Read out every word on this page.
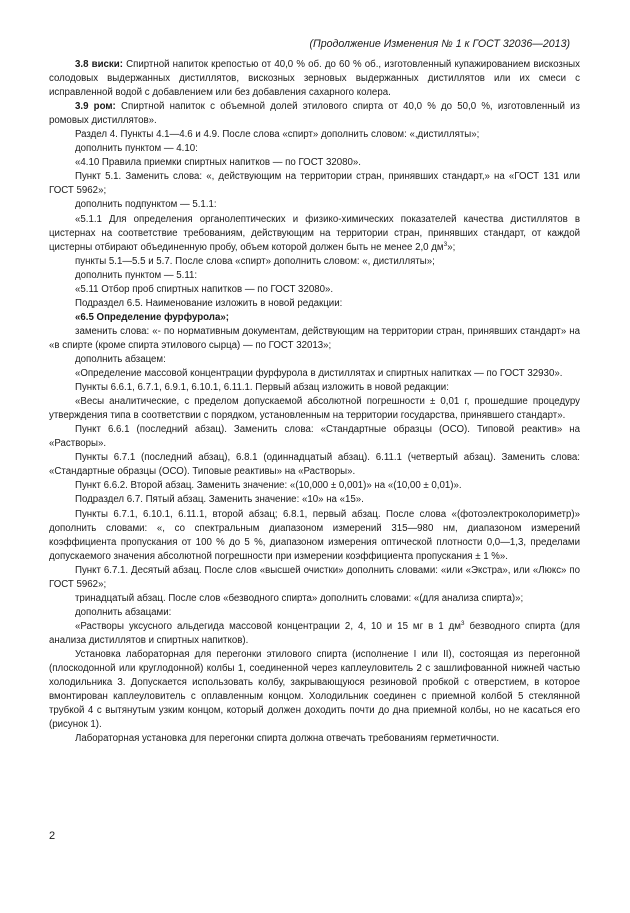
(Продолжение Изменения № 1 к ГОСТ 32036—2013)

3.8 виски: Спиртной напиток крепостью от 40,0 % об. до 60 % об., изготовленный купажированием вискозных солодовых выдержанных дистиллятов, вискозных зерновых выдержанных дистиллятов или их смеси с исправленной водой с добавлением или без добавления сахарного колера.

3.9 ром: Спиртной напиток с объемной долей этилового спирта от 40,0 % до 50,0 %, изготовленный из ромовых дистиллятов».

Раздел 4. Пункты 4.1—4.6 и 4.9. После слова «спирт» дополнить словом: «,дистилляты»;

дополнить пунктом — 4.10:

«4.10 Правила приемки спиртных напитков — по ГОСТ 32080».

Пункт 5.1. Заменить слова: «, действующим на территории стран, принявших стандарт,» на «ГОСТ 131 или ГОСТ 5962»;

дополнить подпунктом — 5.1.1:

«5.1.1 Для определения органолептических и физико-химических показателей качества дистиллятов в цистернах на соответствие требованиям, действующим на территории стран, принявших стандарт, от каждой цистерны отбирают объединенную пробу, объем которой должен быть не менее 2,0 $дм^3$»;

пункты 5.1—5.5 и 5.7. После слова «спирт» дополнить словом: «, дистилляты»;

дополнить пунктом — 5.11:

«5.11 Отбор проб спиртных напитков — по ГОСТ 32080».

Подраздел 6.5. Наименование изложить в новой редакции:

«6.5 Определение фурфурола»;

заменить слова: «- по нормативным документам, действующим на территории стран, принявших стандарт» на «в спирте (кроме спирта этилового сырца) — по ГОСТ 32013»;

дополнить абзацем:

«Определение массовой концентрации фурфурола в дистиллятах и спиртных напитках — по ГОСТ 32930».

Пункты 6.6.1, 6.7.1, 6.9.1, 6.10.1, 6.11.1. Первый абзац изложить в новой редакции:

«Весы аналитические, с пределом допускаемой абсолютной погрешности ± 0,01 г, прошедшие процедуру утверждения типа в соответствии с порядком, установленным на территории государства, принявшего стандарт».

Пункт 6.6.1 (последний абзац). Заменить слова: «Стандартные образцы (ОСО). Типовой реактив» на «Растворы».

Пункты 6.7.1 (последний абзац), 6.8.1 (одиннадцатый абзац). 6.11.1 (четвертый абзац). Заменить слова: «Стандартные образцы (ОСО). Типовые реактивы» на «Растворы».

Пункт 6.6.2. Второй абзац. Заменить значение: «(10,000 ± 0,001)» на «(10,00 ± 0,01)».

Подраздел 6.7. Пятый абзац. Заменить значение: «10» на «15».

Пункты 6.7.1, 6.10.1, 6.11.1, второй абзац; 6.8.1, первый абзац. После слова «(фотоэлектроколориметр)» дополнить словами: «, со спектральным диапазоном измерений 315—980 нм, диапазоном измерений коэффициента пропускания от 100 % до 5 %, диапазоном измерения оптической плотности 0,0—1,3, пределами допускаемого значения абсолютной погрешности при измерении коэффициента пропускания ± 1 %».

Пункт 6.7.1. Десятый абзац. После слов «высшей очистки» дополнить словами: «или «Экстра», или «Люкс» по ГОСТ 5962»;

тринадцатый абзац. После слов «безводного спирта» дополнить словами: «(для анализа спирта)»;

дополнить абзацами:

«Растворы уксусного альдегида массовой концентрации 2, 4, 10 и 15 мг в 1 $дм^3$ безводного спирта (для анализа дистиллятов и спиртных напитков).

Установка лабораторная для перегонки этилового спирта (исполнение I или II), состоящая из перегонной (плоскодонной или круглодонной) колбы 1, соединенной через каплеуловитель 2 с зашлифованной нижней частью холодильника 3. Допускается использовать колбу, закрывающуюся резиновой пробкой с отверстием, в которое вмонтирован каплеуловитель с оплавленным концом. Холодильник соединен с приемной колбой 5 стеклянной трубкой 4 с вытянутым узким концом, который должен доходить почти до дна приемной колбы, но не касаться его (рисунок 1).

Лабораторная установка для перегонки спирта должна отвечать требованиям герметичности.

2
